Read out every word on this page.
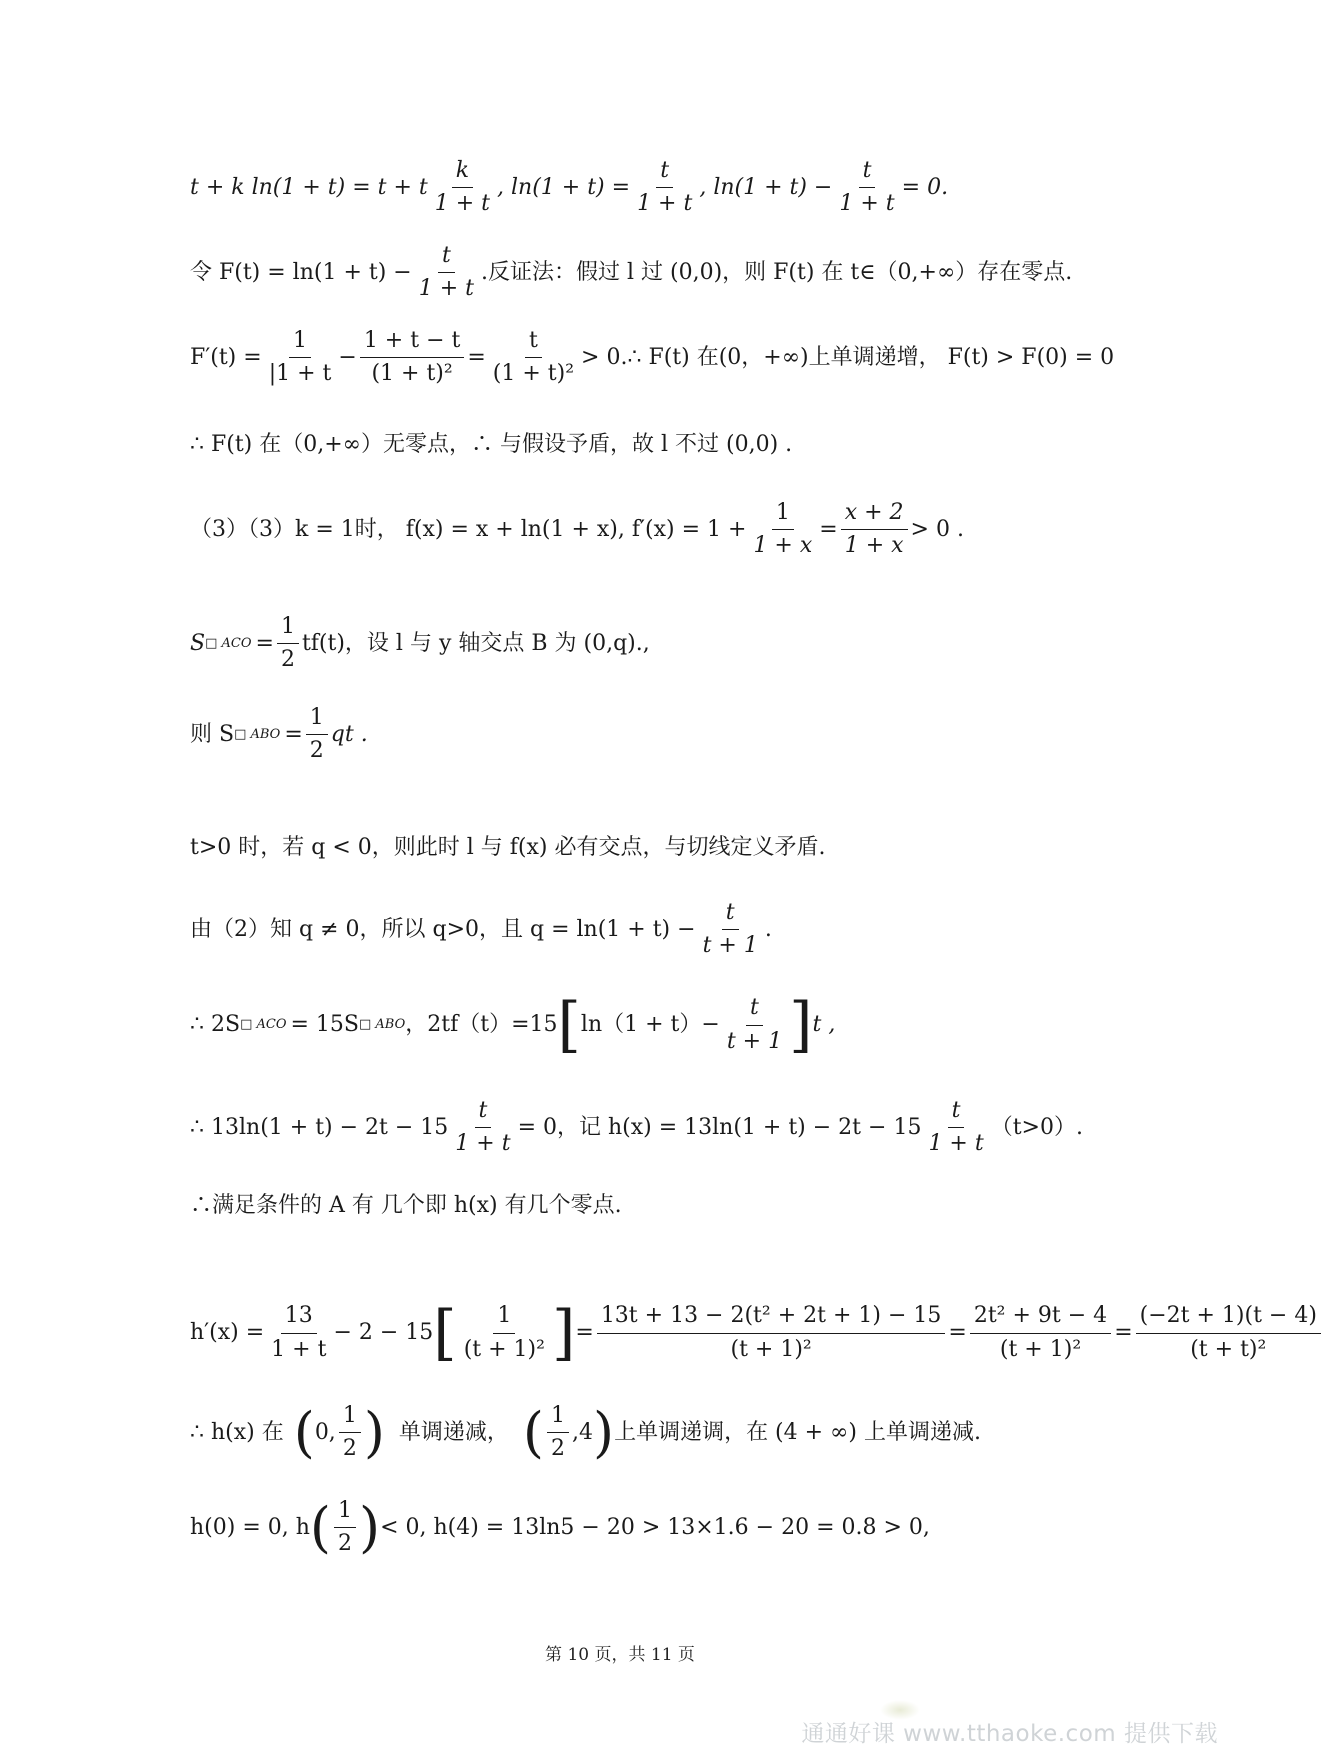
t + k ln(1 + t) = t + t $\frac{k}{1 + t}$ , $\ln(1 + t) = \frac{t}{1 + t}$ , $\ln(1 + t) - \frac{t}{1 + t} = 0$.
令 $F(t) = \ln(1 + t) - \frac{t}{1 + t}$ .反证法：假过 l 过 (0,0)，则 F(t) 在 t∈（0,+∞）存在零点.
$F'(t) = \frac{1}{|1 + t} - \frac{1 + t - t}{\text{(1 + t)²}} = \frac{t}{\text{(1 + t)²}}$ > 0.∴ F(t) 在(0，+∞)上单调递增， F(t) > F(0) = 0
∴ F(t) 在（0,+∞）无零点，∴ 与假设予盾，故 l 不过 (0,0) .
（3）（3）k = 1时， f(x) = x + ln(1 + x), $f'(x) = 1 + \frac{1}{1 + x} = \frac{x + 2}{1 + x} > 0$ .
S □ ACO = $\frac{1}{2} tf(t)$，设 l 与 y 轴交点 B 为 (0,q).,
则 S □ ABO = $\frac{1}{2}$ qt .
t>0 时，若 q < 0，则此时 l 与 f(x) 必有交点，与切线定义矛盾.
由（2）知 q ≠ 0，所以 q>0，且 $q = \ln(1 + t) - \frac{t}{t + 1}$ .
∴ 2S □ ACO = 15S □ ABO ，2tf（t）=15 [ $\ln(1 + t)- \frac{t}{t + 1}$ ] t ,
∴ $13\ln(1 + t) - 2t - 15 \frac{t}{1 + t} = 0$，记 $h(x) = 13\ln(1 + t) - 2t - 15 \frac{t}{1 + t} (t>0)$.
∴满足条件的 A 有 几个即 h(x) 有几个零点.
$h'(x) = \frac{13}{1 + t} - 2 - 15$ [ $\frac{1}{\text{(t + 1)²}}$ ] = $\frac{\text{13t + 13 − 2(t² + 2t + 1) − 15}}{\text{(t + 1)²}} = \frac{\text{2t² + 9t − 4}}{\text{(t + 1)²}} = \frac{(-2t + 1)(t - 4)}{\text{(t + t)²}}$
∴ h(x) 在 ( 0, $\frac{1}{2}$ ) 单调递减， ( $\frac{1}{2} ,4$ ) 上单调递调，在 (4 + ∞) 上单调递减.
h(0) = 0, h ( $\frac{1}{2}$ ) < 0, h(4) = 13ln5 − 20 > 13×1.6 − 20 = 0.8 > 0,
第 10 页，共 11 页
通通好课 www.tthaoke.com 提供下载
